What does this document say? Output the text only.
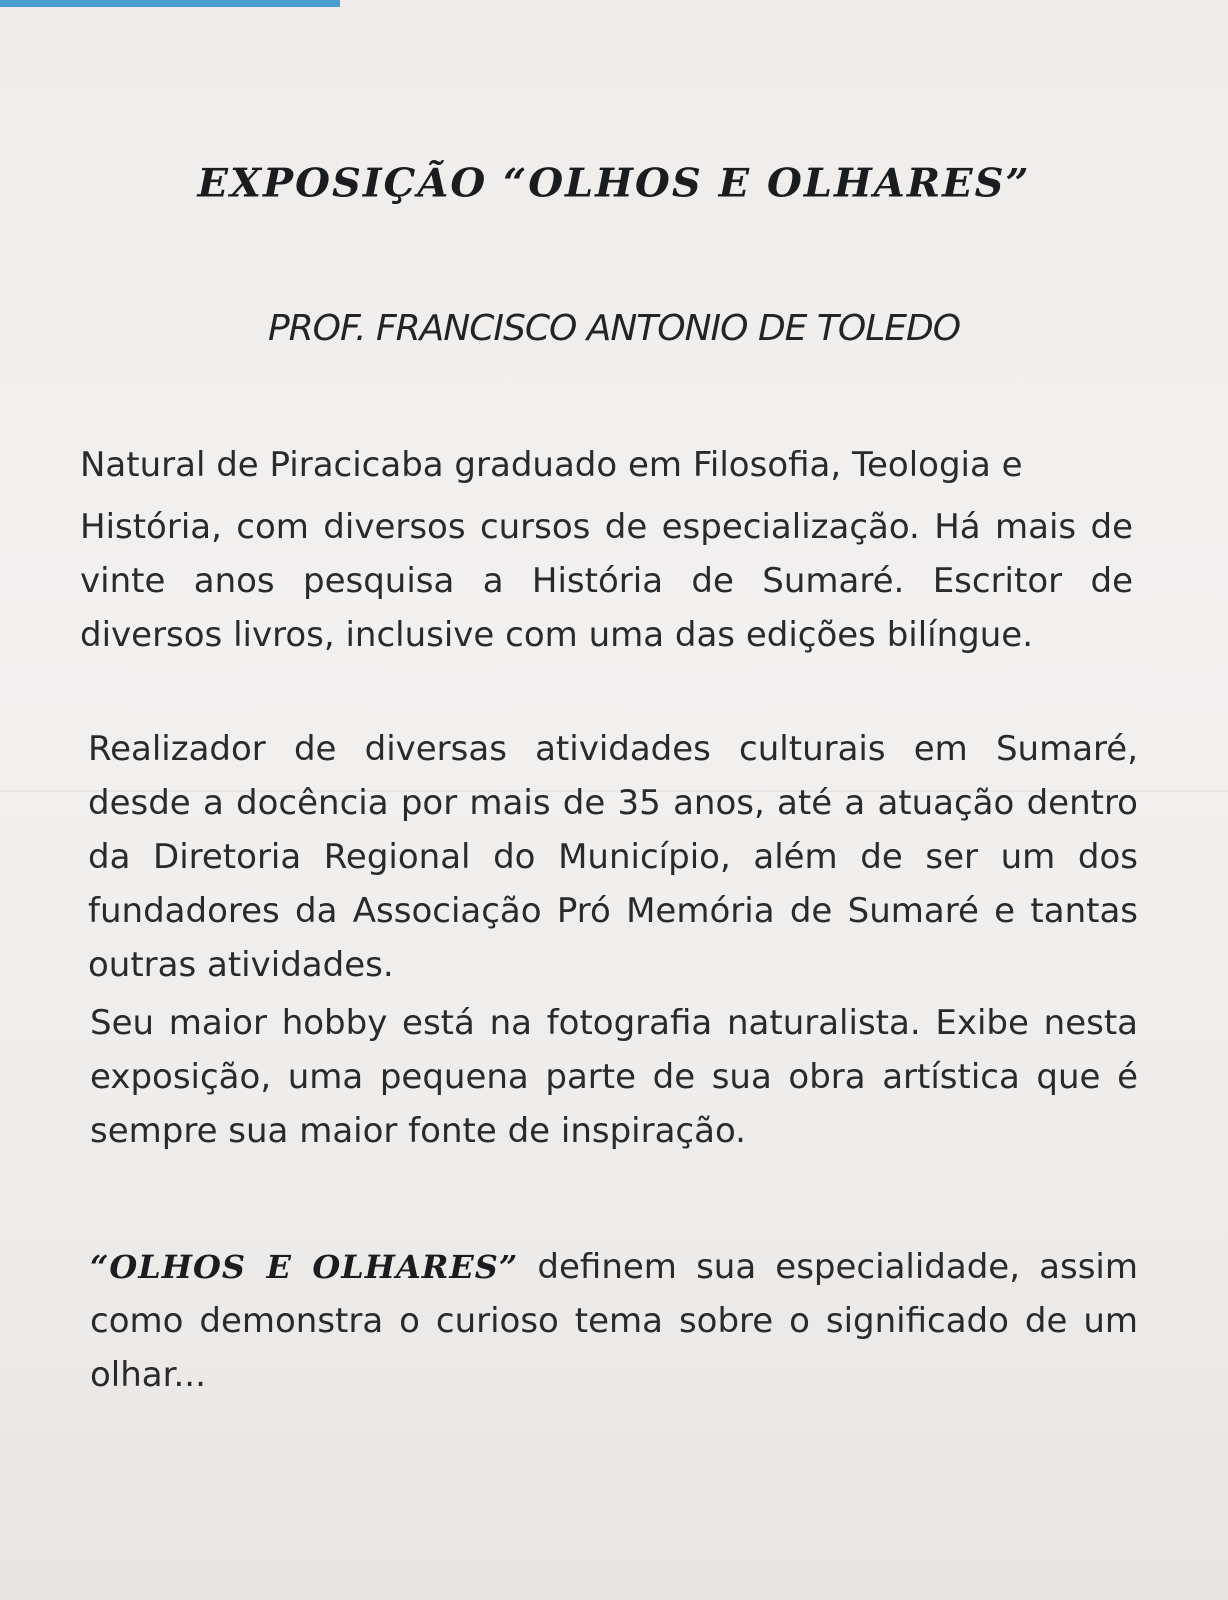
EXPOSIÇÃO “OLHOS E OLHARES”
PROF. FRANCISCO ANTONIO DE TOLEDO

Natural de Piracicaba graduado em Filosofia, Teologia e
História, com diversos cursos de especialização. Há mais de vinte anos pesquisa a História de Sumaré. Escritor de diversos livros, inclusive com uma das edições bilíngue.

Realizador de diversas atividades culturais em Sumaré, desde a docência por mais de 35 anos, até a atuação dentro da Diretoria Regional do Município, além de ser um dos fundadores da Associação Pró Memória de Sumaré e tantas outras atividades.

Seu maior hobby está na fotografia naturalista. Exibe nesta exposição, uma pequena parte de sua obra artística que é sempre sua maior fonte de inspiração.

“OLHOS E OLHARES” definem sua especialidade, assim como demonstra o curioso tema sobre o significado de um olhar...
